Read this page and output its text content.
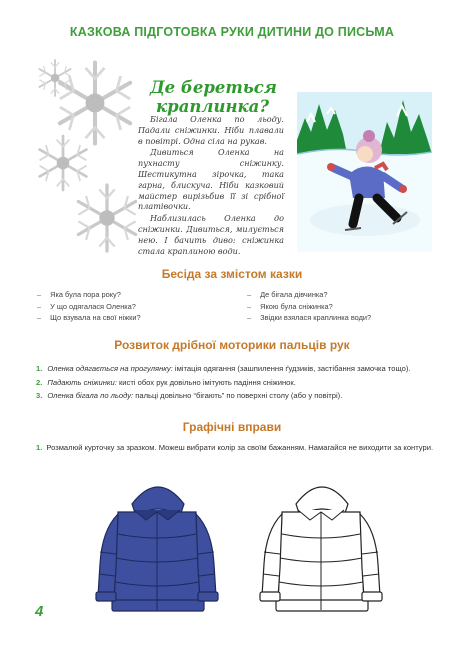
КАЗКОВА ПІДГОТОВКА РУКИ ДИТИНИ ДО ПИСЬМА
Де береться
краплинка?

Бігала Оленка по льоду. Падали сніжинки. Ніби плавали в повітрі. Одна сіла на рукав.

Дивиться Оленка на пухнасту сніжинку. Шестикутна зірочка, така гарна, блискуча. Ніби казковий майстер вирізьбив її зі срібної платівочки.

Наблизилась Оленка до сніжинки. Дивиться, милується нею. І бачить диво: сніжинка стала краплиною води.

Бесіда за змістом казки
– Яка була пора року?
– У що одягалася Оленка?
– Що взувала на свої ніжки?
– Де бігала дівчинка?
– Якою була сніжинка?
– Звідки взялася краплинка води?
Розвиток дрібної моторики пальців рук
1. Оленка одягається на прогулянку: імітація одягання (зашпилення ґудзиків, застібання замочка тощо).
2. Падають сніжинки: кисті обох рук довільно імітують падіння сніжинок.
3. Оленка бігала по льоду: пальці довільно “бігають” по поверхні столу (або у повітрі).
Графічні вправи
1. Розмалюй курточку за зразком. Можеш вибрати колір за своїм бажанням. Намагайся не виходити за контури.
4
